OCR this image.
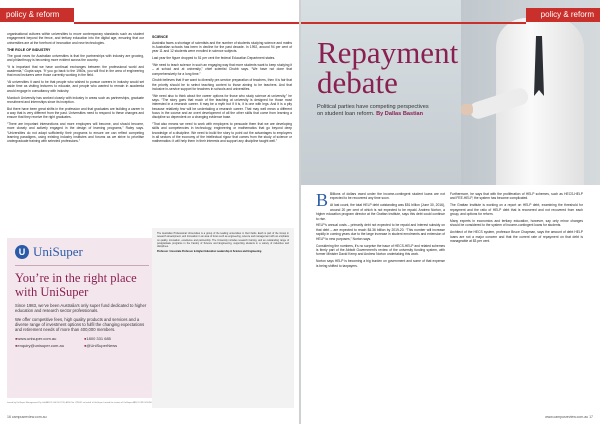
policy & reform

organisational cultures within universities to move contemporary standards such as student engagement beyond the fence, and tertiary education into the digital age, ensuring that our universities are at the forefront of innovation and new technologies.

THE ROLE OF INDUSTRY

The good news for Australian universities is that the partnerships with industry are growing, and philanthropy is becoming more evident across the country.

“It is important that we have continual exchanges between the professional world and academia,” Gupta says. “If you go back to the 1960s, you will find in the area of engineering that most lecturers were those currently working in the field.

“At universities it used to be that people who wished to pursue careers in industry would set aside time as visiting lecturers to educate, and people who wanted to remain in academia would engage in consultancy with industry.

Murdoch University has worked closely with industry in areas such as partnerships, graduate recruitment and internships since its inception.

But there have been great shifts in the profession and that graduates are building a career in a way that is very different from the past. Universities need to respond to these changes and ensure that they receive the right graduates.

“There are important intersections and more employers will become, and should become, more closely and actively engaged in the design of learning programs,” Raley says. “Universities do not adapt sufficiently their programs to ensure we can reflect competing learning paradigms, using existing industry institutes and forums as we strive to prioritise undergraduate training with selected professions.”

SCIENCE

Australia faces a shortage of scientists and the number of students studying science and maths in Australian schools has been in decline for the past decade. In 1992, around 94 per cent of year 11 and 12 students were enrolled in science subjects.

Last year the figure dropped to 51 per cent the federal Education Department states.

“We need to teach science in such an engaging way that more students want to keep studying it – at school and at university,” chief scientist Chubb says. “We have not done that comprehensively for a long time.”

Chubb believes that if we want to diversify pre-service preparation of teachers, then it is fair that the priority should be to select teaching content to those aiming to be teachers. And that inclusive in-service support for teachers in schools and universities.

“We need also to think about the career options for those who study science at university,” he says. “The story goes that much of the teaching at university is designed for those most interested in a research career. It may be a myth but if it is, it is one with legs. And it is a pity because relatively few will be undertaking a research career. That may well mean a different focus in the course and an overt development of all the other skills that come from learning a discipline so dependent on a changing evidence base.

“That also means we need to work with employers to persuade them that we are developing skills and competencies in technology, engineering or mathematics that go beyond deep knowledge of a discipline. We need to build the story to point out the advantages to employers in all sectors of the economy of the intellectual rigour that comes from the study of science or mathematics: it will help them in their interests and support any discipline taught well.”

U UniSuper
You’re in the right place with UniSuper
Since 1983, we’ve been Australia’s only super fund dedicated to higher education and research sector professionals.
We offer competitive fees, high quality products and services and a diverse range of investment options to fulfil the changing expectations and retirement needs of more than 400,000 members.
● www.unisuper.com.au	● 1800 331 685
● enquiry@unisuper.com.au	● @UniSuperNews
Issued by UniSuper Management Pty Ltd ABN 91 006 961 799, AFSL No. 235907 on behalf of UniSuper Limited the trustee of UniSuper ABN 91 385 943 850.
The Australian Professional Universities is a group of the leading universities in their fields. Each is part of the Group in research development, and innovation in an area of focus such as engineering, science and management with an emphasis on quality, innovation, excellence and partnership. The University includes research training, and an outstanding range of postgraduate programs in the Faculty of Science and Engineering, supporting students in a variety of industries and disciplines.
Professor / Associate Professor & Higher Education Leadership in Science and Engineering
16 campusreview.com.au
policy & reform
Repayment
debate
Political parties have competing perspectives on student loan reform. By Dallas Bastian

B Billions of dollars owed under the income-contingent student loans are not expected to be recovered any time soon.

At last count, the total HELP debt outstanding was $51 billion (June 30, 2016), around 20 per cent of which is not expected to be repaid. Andrew Norton, a higher education program director at the Grattan Institute, says this debt could continue to rise.

HELP’s annual costs – primarily debt not expected to be repaid and interest subsidy on that debt – are expected to reach $4.36 billion by 2019-20. “This number will increase rapidly in coming years due to the large increase in student enrolments and extension of HELP to new purposes,” Norton says.

Considering the numbers, it’s no surprise the issue of HECS-HELP and related schemes is firmly part of the Abbott Government’s review of the university funding system, with former Minister David Kemp and Andrew Norton undertaking this work.

Norton says HELP is becoming a big burden on government and some of that expense is being shifted to taxpayers.

Furthermore, he says that with the proliferation of HELP schemes, such as HECS-HELP and FEE-HELP, the system has become complicated.

The Grattan Institute is working on a report on HELP debt, examining the threshold for repayment and the ratio of HELP debt that is recovered and not recovered from each group, and options for reform.

Many experts in economics and tertiary education, however, say only minor changes should be considered to the system of income-contingent loans for students.

Architect of the HECS system, professor Bruce Chapman, says the amount of debt HELP loans are not a major concern and that the current rate of repayment on that debt is manageable at 83 per cent.

www.campusreview.com.au 17
